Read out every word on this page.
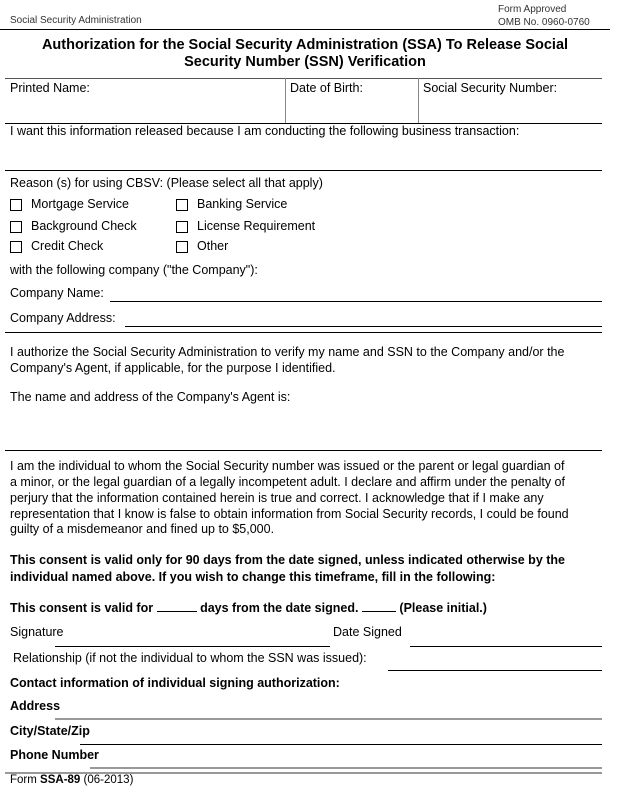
Social Security Administration
Form Approved
OMB No. 0960-0760
Authorization for the Social Security Administration (SSA) To Release Social
Security Number (SSN) Verification
Printed Name:	Date of Birth:	Social Security Number:
I want this information released because I am conducting the following business transaction:
Reason (s) for using CBSV: (Please select all that apply)
Mortgage Service	Banking Service
Background Check	License Requirement
Credit Check	Other
with the following company ("the Company"):
Company Name:
Company Address:
I authorize the Social Security Administration to verify my name and SSN to the Company and/or the
Company's Agent, if applicable, for the purpose I identified.
The name and address of the Company's Agent is:
I am the individual to whom the Social Security number was issued or the parent or legal guardian of
a minor, or the legal guardian of a legally incompetent adult. I declare and affirm under the penalty of
perjury that the information contained herein is true and correct. I acknowledge that if I make any
representation that I know is false to obtain information from Social Security records, I could be found
guilty of a misdemeanor and fined up to $5,000.
This consent is valid only for 90 days from the date signed, unless indicated otherwise by the
individual named above. If you wish to change this timeframe, fill in the following:
This consent is valid for	days from the date signed.	(Please initial.)
Signature	Date Signed
Relationship (if not the individual to whom the SSN was issued):
Contact information of individual signing authorization:
Address
City/State/Zip
Phone Number
Form SSA-89 (06-2013)
